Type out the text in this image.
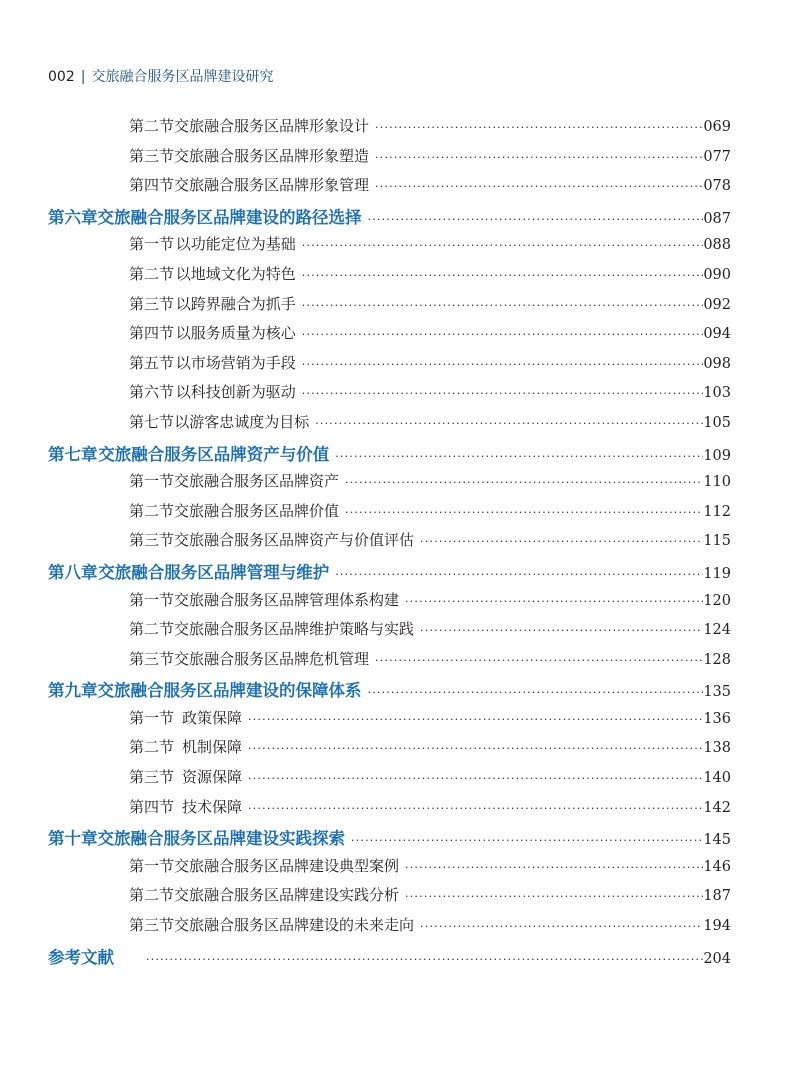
002 | 交旅融合服务区品牌建设研究
第二节 交旅融合服务区品牌形象设计 ·····	069
第三节 交旅融合服务区品牌形象塑造 ·····	077
第四节 交旅融合服务区品牌形象管理 ·····	078
第六章 交旅融合服务区品牌建设的路径选择 ·····	087
第一节 以功能定位为基础 ·····	088
第二节 以地域文化为特色 ·····	090
第三节 以跨界融合为抓手 ·····	092
第四节 以服务质量为核心 ·····	094
第五节 以市场营销为手段 ·····	098
第六节 以科技创新为驱动 ·····	103
第七节 以游客忠诚度为目标 ·····	105
第七章 交旅融合服务区品牌资产与价值 ·····	109
第一节 交旅融合服务区品牌资产 ·····	110
第二节 交旅融合服务区品牌价值 ·····	112
第三节 交旅融合服务区品牌资产与价值评估 ·····	115
第八章 交旅融合服务区品牌管理与维护 ·····	119
第一节 交旅融合服务区品牌管理体系构建 ·····	120
第二节 交旅融合服务区品牌维护策略与实践 ·····	124
第三节 交旅融合服务区品牌危机管理 ·····	128
第九章 交旅融合服务区品牌建设的保障体系 ·····	135
第一节 政策保障 ·····	136
第二节 机制保障 ·····	138
第三节 资源保障 ·····	140
第四节 技术保障 ·····	142
第十章 交旅融合服务区品牌建设实践探索 ·····	145
第一节 交旅融合服务区品牌建设典型案例 ·····	146
第二节 交旅融合服务区品牌建设实践分析 ·····	187
第三节 交旅融合服务区品牌建设的未来走向 ·····	194
参考文献 ·····	204
